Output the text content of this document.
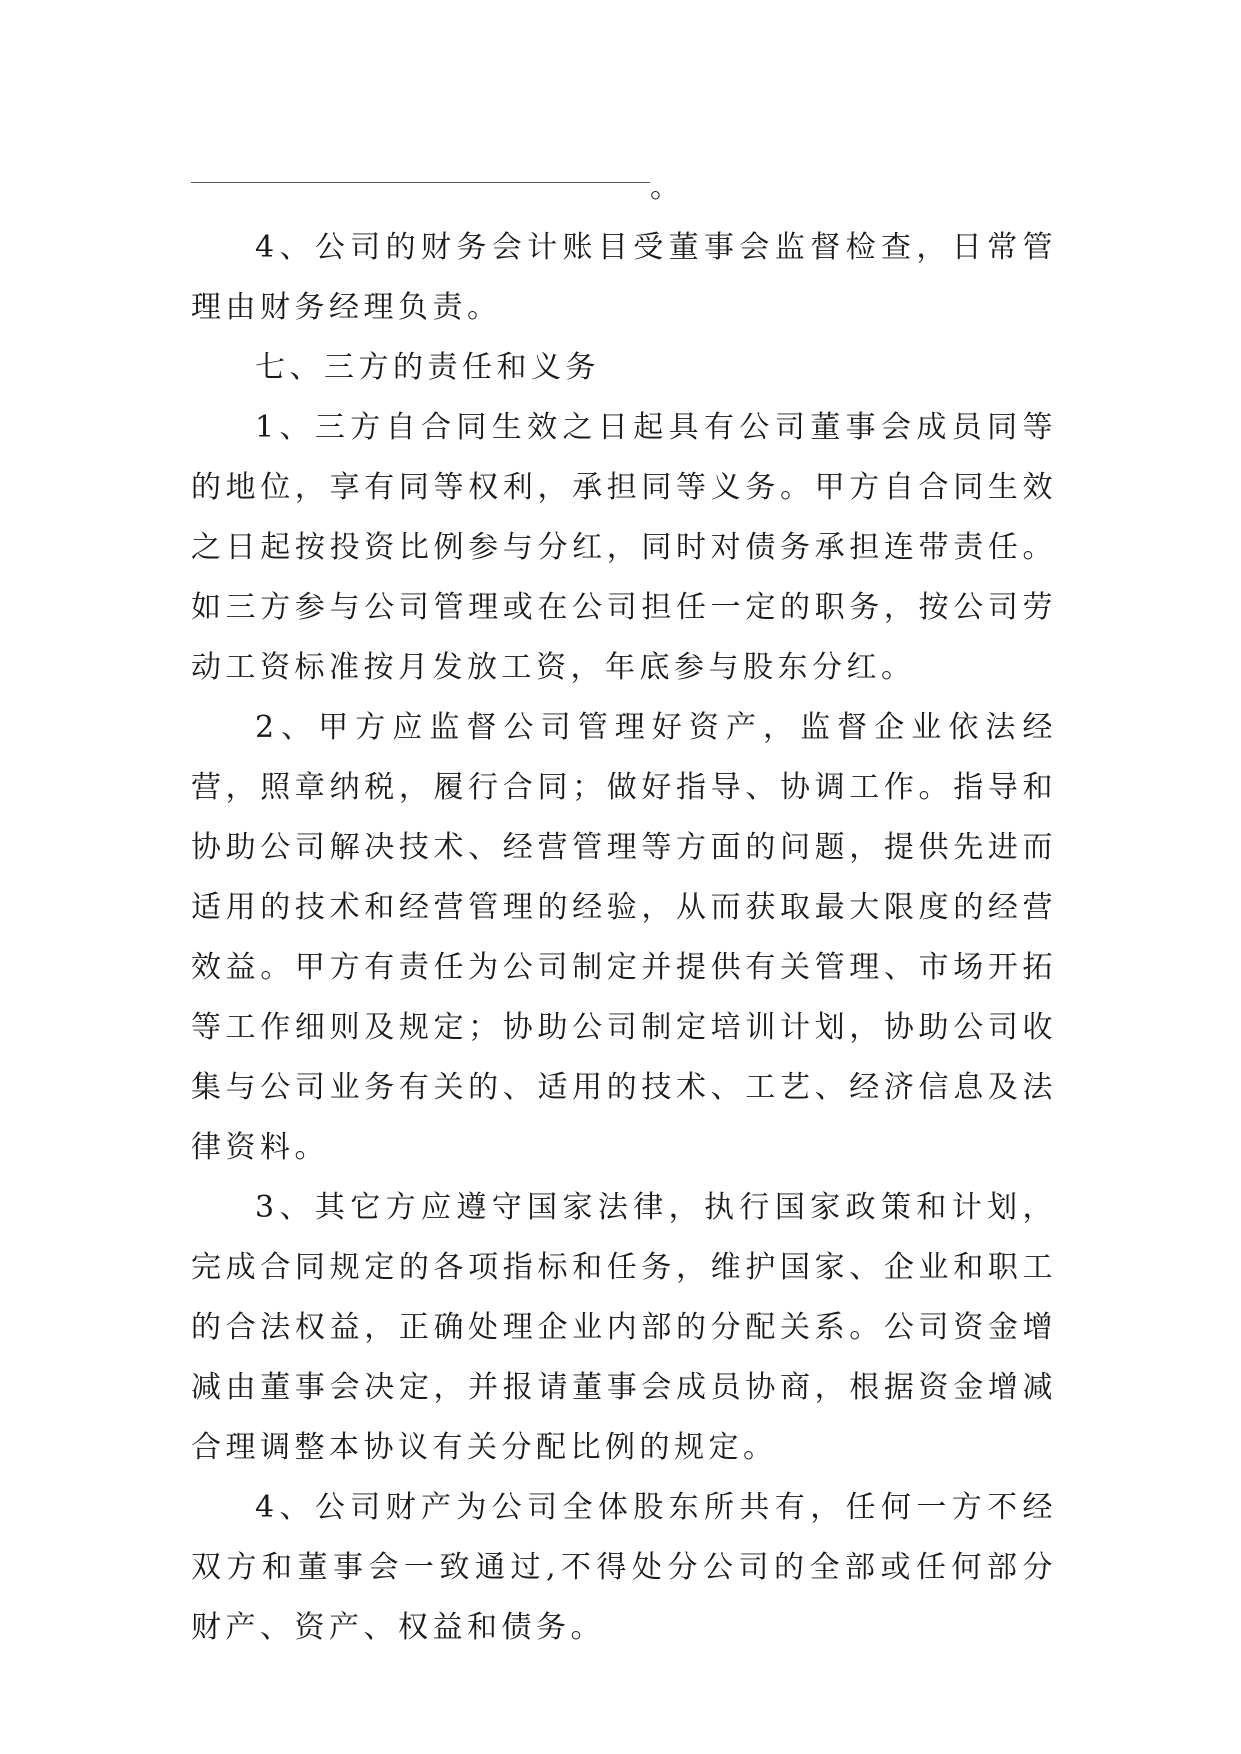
。

4、公司的财务会计账目受董事会监督检查，日常管理由财务经理负责。

七、三方的责任和义务

1、三方自合同生效之日起具有公司董事会成员同等的地位，享有同等权利，承担同等义务。甲方自合同生效之日起按投资比例参与分红，同时对债务承担连带责任。如三方参与公司管理或在公司担任一定的职务，按公司劳动工资标准按月发放工资，年底参与股东分红。

2、甲方应监督公司管理好资产，监督企业依法经营，照章纳税，履行合同；做好指导、协调工作。指导和协助公司解决技术、经营管理等方面的问题，提供先进而适用的技术和经营管理的经验，从而获取最大限度的经营效益。甲方有责任为公司制定并提供有关管理、市场开拓等工作细则及规定；协助公司制定培训计划，协助公司收集与公司业务有关的、适用的技术、工艺、经济信息及法律资料。

3、其它方应遵守国家法律，执行国家政策和计划，完成合同规定的各项指标和任务，维护国家、企业和职工的合法权益，正确处理企业内部的分配关系。公司资金增减由董事会决定，并报请董事会成员协商，根据资金增减合理调整本协议有关分配比例的规定。

4、公司财产为公司全体股东所共有，任何一方不经双方和董事会一致通过,不得处分公司的全部或任何部分财产、资产、权益和债务。
